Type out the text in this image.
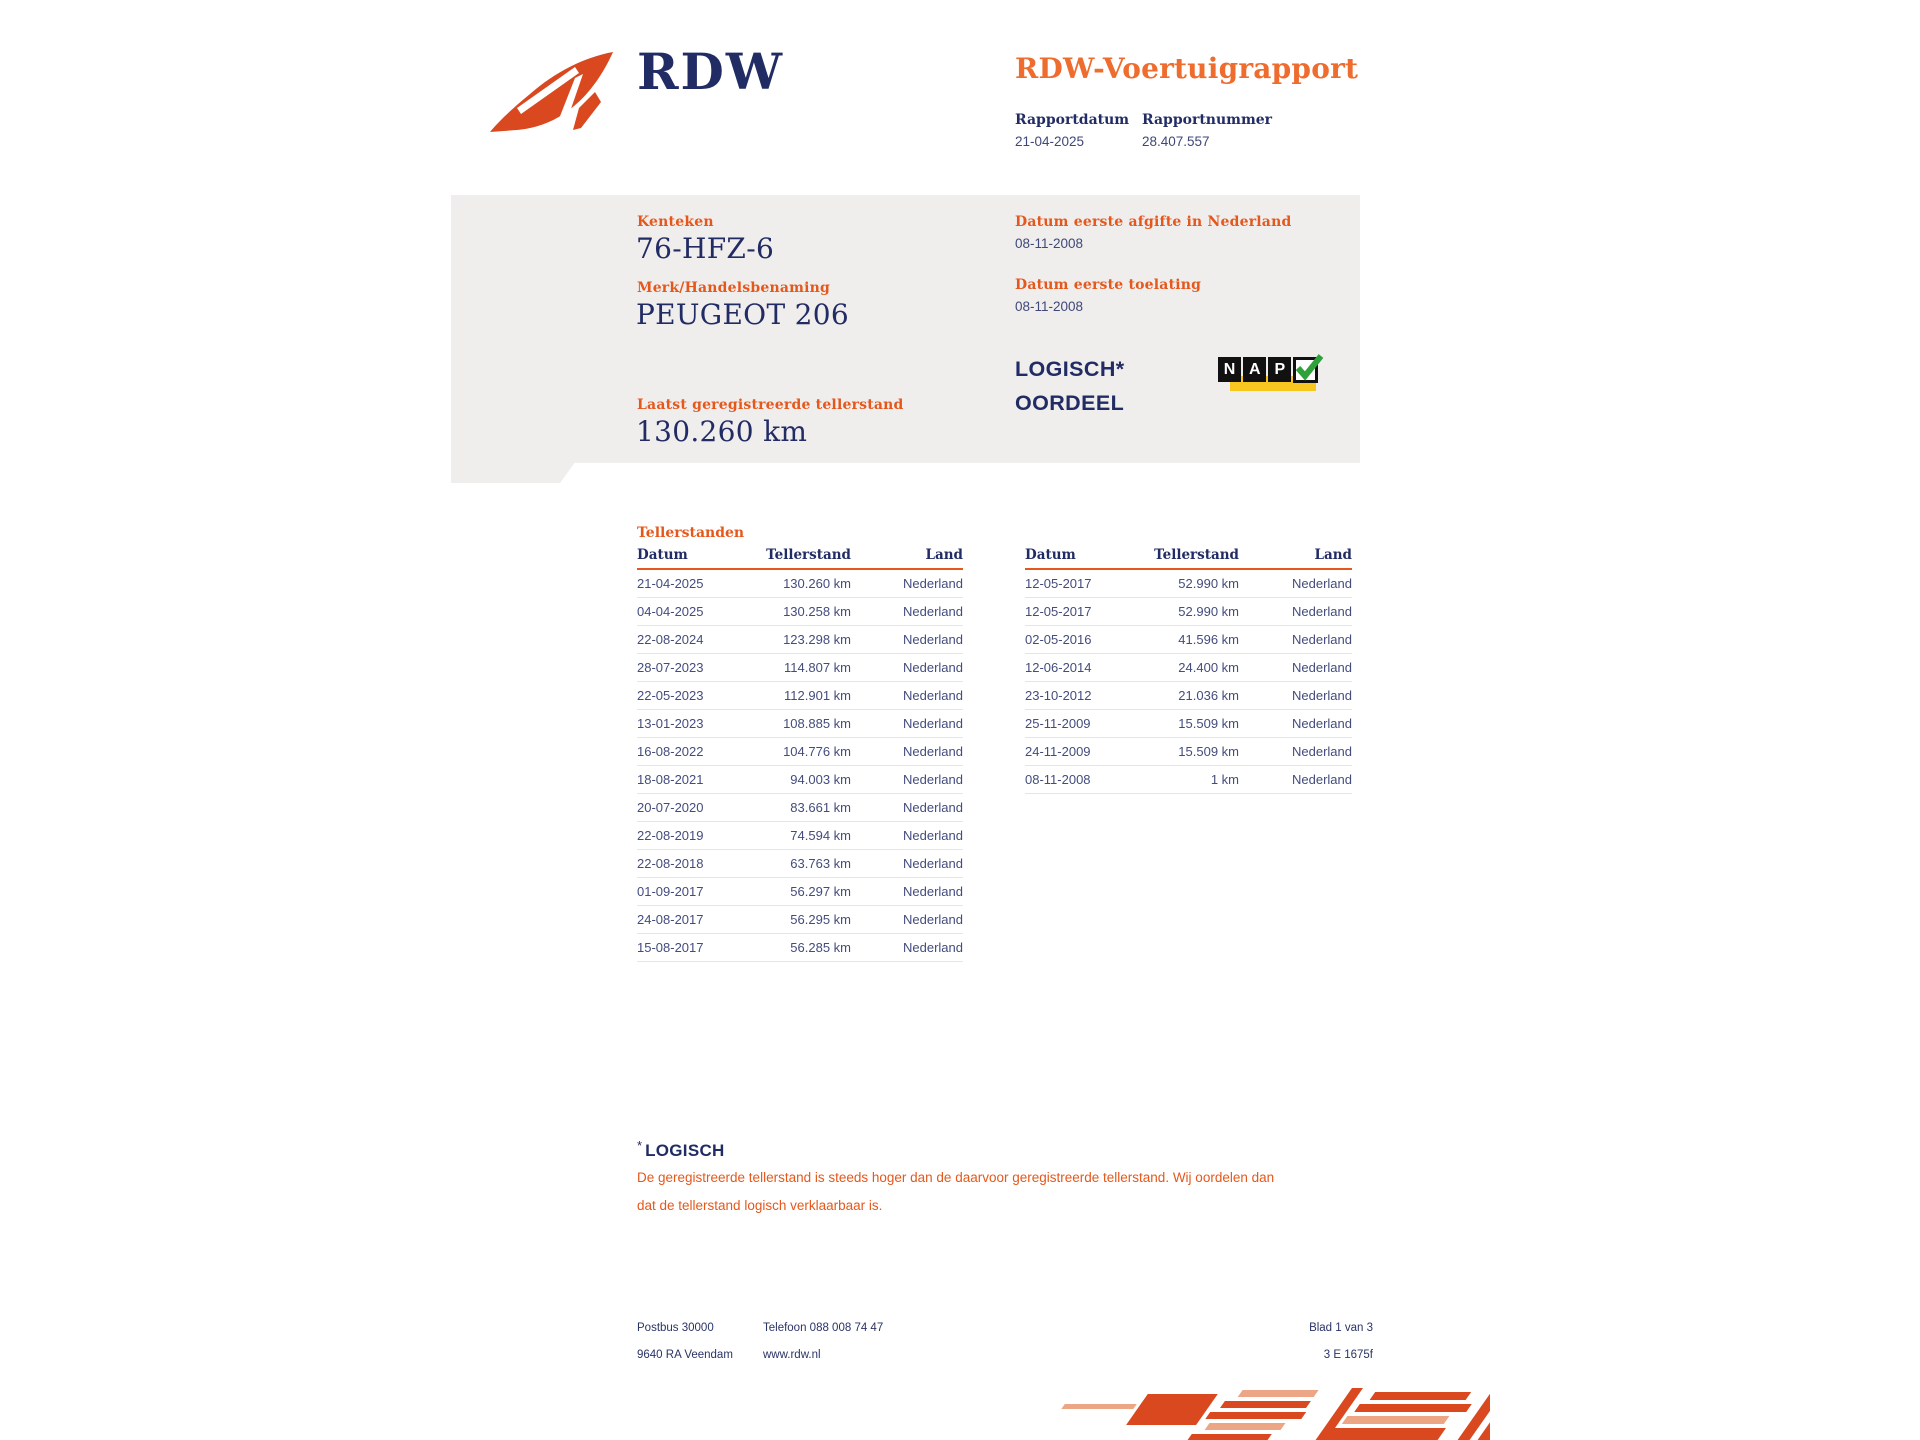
RDW	RDW-Voertuigrapport
Rapportdatum Rapportnummer
21-04-2025	28.407.557
Kenteken
76-HFZ-6
Merk/Handelsbenaming
PEUGEOT 206
Datum eerste afgifte in Nederland
08-11-2008
Datum eerste toelating
08-11-2008
LOGISCH*
OORDEEL
N A P
Laatst geregistreerde tellerstand
130.260 km
Tellerstanden
Datum	Tellerstand	Land
21-04-2025	130.260 km	Nederland
04-04-2025	130.258 km	Nederland
22-08-2024	123.298 km	Nederland
28-07-2023	114.807 km	Nederland
22-05-2023	112.901 km	Nederland
13-01-2023	108.885 km	Nederland
16-08-2022	104.776 km	Nederland
18-08-2021	94.003 km	Nederland
20-07-2020	83.661 km	Nederland
22-08-2019	74.594 km	Nederland
22-08-2018	63.763 km	Nederland
01-09-2017	56.297 km	Nederland
24-08-2017	56.295 km	Nederland
15-08-2017	56.285 km	Nederland
Datum	Tellerstand	Land
12-05-2017	52.990 km	Nederland
12-05-2017	52.990 km	Nederland
02-05-2016	41.596 km	Nederland
12-06-2014	24.400 km	Nederland
23-10-2012	21.036 km	Nederland
25-11-2009	15.509 km	Nederland
24-11-2009	15.509 km	Nederland
08-11-2008	1 km	Nederland
* LOGISCH
De geregistreerde tellerstand is steeds hoger dan de daarvoor geregistreerde tellerstand. Wij oordelen dan
dat de tellerstand logisch verklaarbaar is.
Postbus 30000
9640 RA Veendam
Telefoon 088 008 74 47
www.rdw.nl
Blad 1 van 3
3 E 1675f
